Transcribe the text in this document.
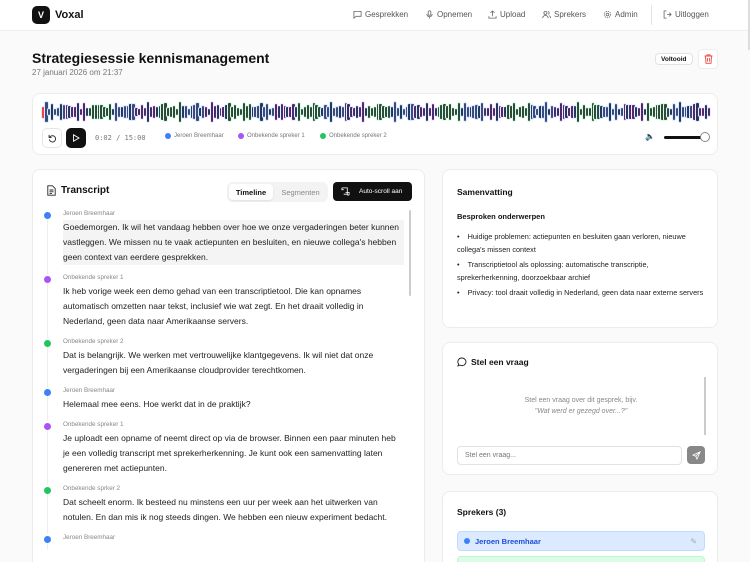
V	Voxal	Gesprekken	Opnemen	Upload	Sprekers	Admin	Uitloggen
Strategiesessie kennismanagement
27 januari 2026 om 21:37
Voltooid
0:02 / 15:00	Jeroen Breemhaar	Onbekende spreker 1	Onbekende spreker 2	🔈
Transcript	Timeline	Segmenten	Auto-scroll aan
Jeroen Breemhaar
Goedemorgen. Ik wil het vandaag hebben over hoe we onze vergaderingen beter kunnen vastleggen. We missen nu te vaak actiepunten en besluiten, en nieuwe collega's hebben geen context van eerdere gesprekken.
Onbekende spreker 1
Ik heb vorige week een demo gehad van een transcriptietool. Die kan opnames automatisch omzetten naar tekst, inclusief wie wat zegt. En het draait volledig in Nederland, geen data naar Amerikaanse servers.
Onbekende spreker 2
Dat is belangrijk. We werken met vertrouwelijke klantgegevens. Ik wil niet dat onze vergaderingen bij een Amerikaanse cloudprovider terechtkomen.
Jeroen Breemhaar
Helemaal mee eens. Hoe werkt dat in de praktijk?
Onbekende spreker 1
Je uploadt een opname of neemt direct op via de browser. Binnen een paar minuten heb je een volledig transcript met sprekerherkenning. Je kunt ook een samenvatting laten genereren met actiepunten.
Onbekende sprker 2
Dat scheelt enorm. Ik besteed nu minstens een uur per week aan het uitwerken van notulen. En dan mis ik nog steeds dingen. We hebben een nieuw experiment bedacht.
Jeroen Breemhaar
Samenvatting
Besproken onderwerpen
• Huidige problemen: actiepunten en besluiten gaan verloren, nieuwe collega's missen context
• Transcriptietool als oplossing: automatische transcriptie, sprekerherkenning, doorzoekbaar archief
• Privacy: tool draait volledig in Nederland, geen data naar externe servers
Stel een vraag
Stel een vraag over dit gesprek, bijv.
"Wat werd er gezegd over...?"
Stel een vraag...
Sprekers (3)
Jeroen Breemhaar	✎
